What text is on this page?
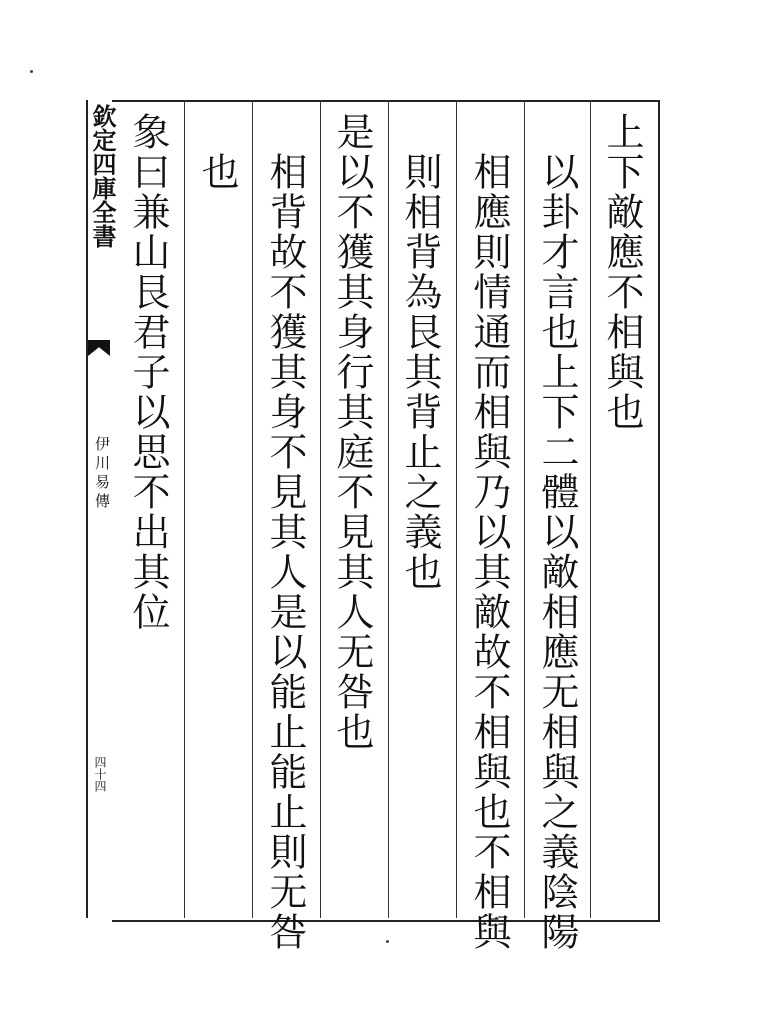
欽定四庫全書
伊川易傳
四十四
上下敵應不相與也
以卦才言也上下二體以敵相應无相與之義陰陽
相應則情通而相與乃以其敵故不相與也不相與
則相背為艮其背止之義也
是以不獲其身行其庭不見其人无咎也
相背故不獲其身不見其人是以能止能止則无咎
也
象曰兼山艮君子以思不出其位
